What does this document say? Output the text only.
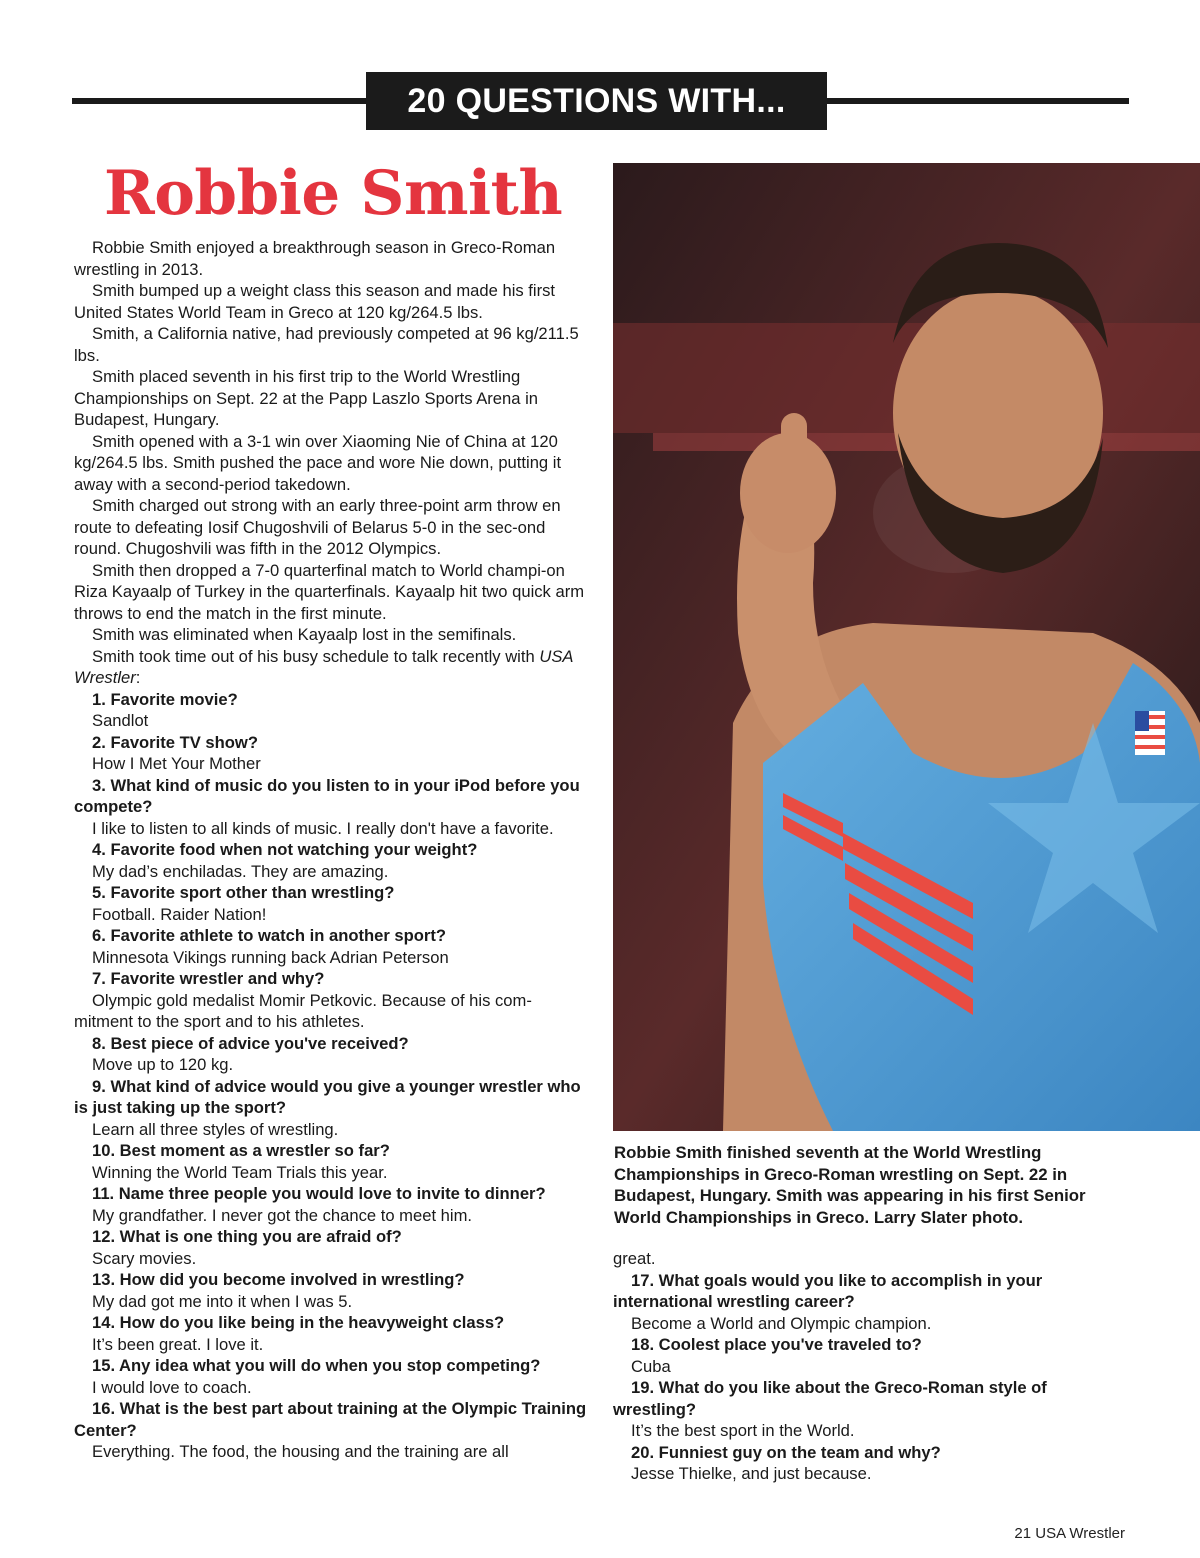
20 QUESTIONS WITH...
Robbie Smith

Robbie Smith enjoyed a breakthrough season in Greco-Roman wrestling in 2013.

Smith bumped up a weight class this season and made his first United States World Team in Greco at 120 kg/264.5 lbs.

Smith, a California native, had previously competed at 96 kg/211.5 lbs.

Smith placed seventh in his first trip to the World Wrestling Championships on Sept. 22 at the Papp Laszlo Sports Arena in Budapest, Hungary.

Smith opened with a 3-1 win over Xiaoming Nie of China at 120 kg/264.5 lbs. Smith pushed the pace and wore Nie down, putting it away with a second-period takedown.

Smith charged out strong with an early three-point arm throw en route to defeating Iosif Chugoshvili of Belarus 5-0 in the sec-ond round. Chugoshvili was fifth in the 2012 Olympics.

Smith then dropped a 7-0 quarterfinal match to World champi-on Riza Kayaalp of Turkey in the quarterfinals. Kayaalp hit two quick arm throws to end the match in the first minute.

Smith was eliminated when Kayaalp lost in the semifinals.

Smith took time out of his busy schedule to talk recently with USA Wrestler:

1. Favorite movie?

Sandlot

2. Favorite TV show?

How I Met Your Mother

3. What kind of music do you listen to in your iPod before you compete?

I like to listen to all kinds of music. I really don't have a favorite.

4. Favorite food when not watching your weight?

My dad’s enchiladas. They are amazing.

5. Favorite sport other than wrestling?

Football. Raider Nation!

6. Favorite athlete to watch in another sport?

Minnesota Vikings running back Adrian Peterson

7. Favorite wrestler and why?

Olympic gold medalist Momir Petkovic. Because of his com-mitment to the sport and to his athletes.

8. Best piece of advice you've received?

Move up to 120 kg.

9. What kind of advice would you give a younger wrestler who is just taking up the sport?

Learn all three styles of wrestling.

10. Best moment as a wrestler so far?

Winning the World Team Trials this year.

11. Name three people you would love to invite to dinner?

My grandfather. I never got the chance to meet him.

12. What is one thing you are afraid of?

Scary movies.

13. How did you become involved in wrestling?

My dad got me into it when I was 5.

14. How do you like being in the heavyweight class?

It’s been great. I love it.

15. Any idea what you will do when you stop competing?

I would love to coach.

16. What is the best part about training at the Olympic Training Center?

Everything. The food, the housing and the training are all

Robbie Smith finished seventh at the World Wrestling Championships in Greco-Roman wrestling on Sept. 22 in Budapest, Hungary. Smith was appearing in his first Senior World Championships in Greco. Larry Slater photo.

great.

17. What goals would you like to accomplish in your international wrestling career?

Become a World and Olympic champion.

18. Coolest place you've traveled to?

Cuba

19. What do you like about the Greco-Roman style of wrestling?

It’s the best sport in the World.

20. Funniest guy on the team and why?

Jesse Thielke, and just because.

21 USA Wrestler
